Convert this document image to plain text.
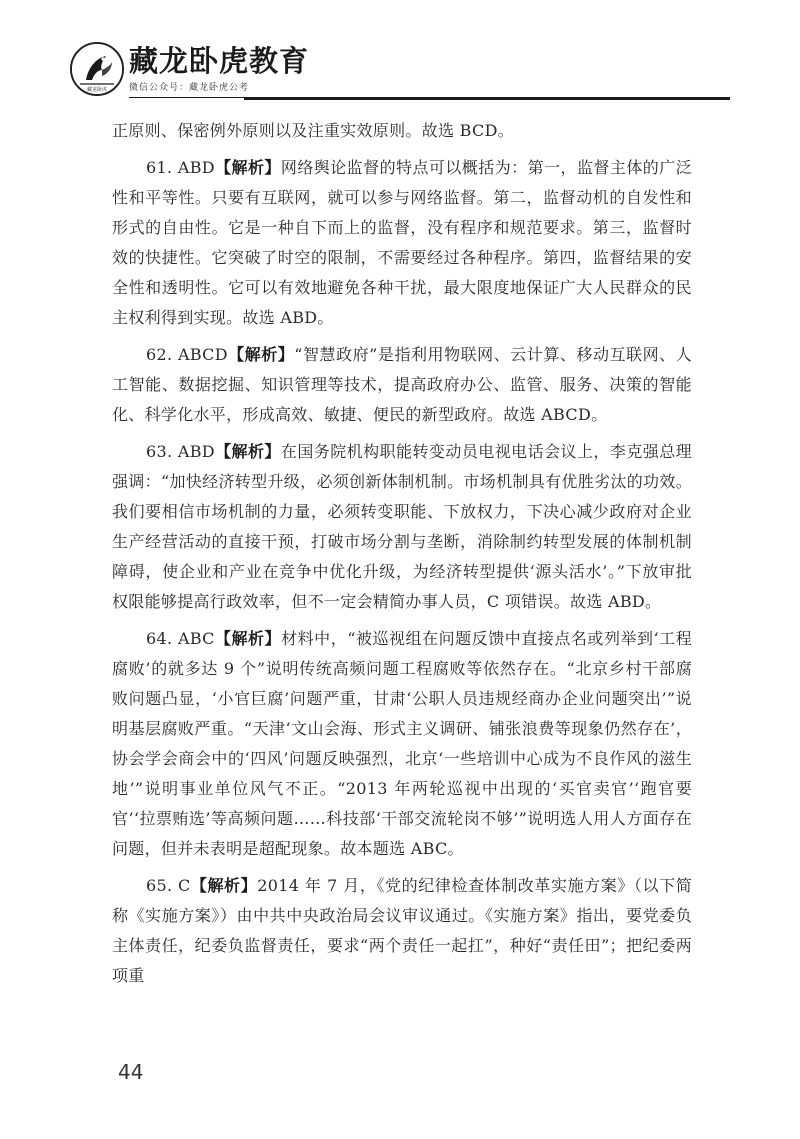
藏龙卧虎
藏龙卧虎教育
微信公众号：藏龙卧虎公考

正原则、保密例外原则以及注重实效原则。故选 BCD。

61. ABD【解析】网络舆论监督的特点可以概括为：第一，监督主体的广泛性和平等性。只要有互联网，就可以参与网络监督。第二，监督动机的自发性和形式的自由性。它是一种自下而上的监督，没有程序和规范要求。第三，监督时效的快捷性。它突破了时空的限制，不需要经过各种程序。第四，监督结果的安全性和透明性。它可以有效地避免各种干扰，最大限度地保证广大人民群众的民主权利得到实现。故选 ABD。

62. ABCD【解析】“智慧政府”是指利用物联网、云计算、移动互联网、人工智能、数据挖掘、知识管理等技术，提高政府办公、监管、服务、决策的智能化、科学化水平，形成高效、敏捷、便民的新型政府。故选 ABCD。

63. ABD【解析】在国务院机构职能转变动员电视电话会议上，李克强总理强调：“加快经济转型升级，必须创新体制机制。市场机制具有优胜劣汰的功效。我们要相信市场机制的力量，必须转变职能、下放权力，下决心减少政府对企业生产经营活动的直接干预，打破市场分割与垄断，消除制约转型发展的体制机制障碍，使企业和产业在竞争中优化升级，为经济转型提供‘源头活水’。”下放审批权限能够提高行政效率，但不一定会精简办事人员，C 项错误。故选 ABD。

64. ABC【解析】材料中，“被巡视组在问题反馈中直接点名或列举到‘工程腐败’的就多达 9 个”说明传统高频问题工程腐败等依然存在。“北京乡村干部腐败问题凸显，‘小官巨腐’问题严重，甘肃‘公职人员违规经商办企业问题突出’”说明基层腐败严重。“天津‘文山会海、形式主义调研、铺张浪费等现象仍然存在’，协会学会商会中的‘四风’问题反映强烈，北京‘一些培训中心成为不良作风的滋生地’”说明事业单位风气不正。“2013 年两轮巡视中出现的‘买官卖官’‘跑官要官’‘拉票贿选’等高频问题……科技部‘干部交流轮岗不够’”说明选人用人方面存在问题，但并未表明是超配现象。故本题选 ABC。

65. C【解析】2014 年 7 月，《党的纪律检查体制改革实施方案》（以下简称《实施方案》）由中共中央政治局会议审议通过。《实施方案》指出，要党委负主体责任，纪委负监督责任，要求“两个责任一起扛”，种好“责任田”；把纪委两项重

44
